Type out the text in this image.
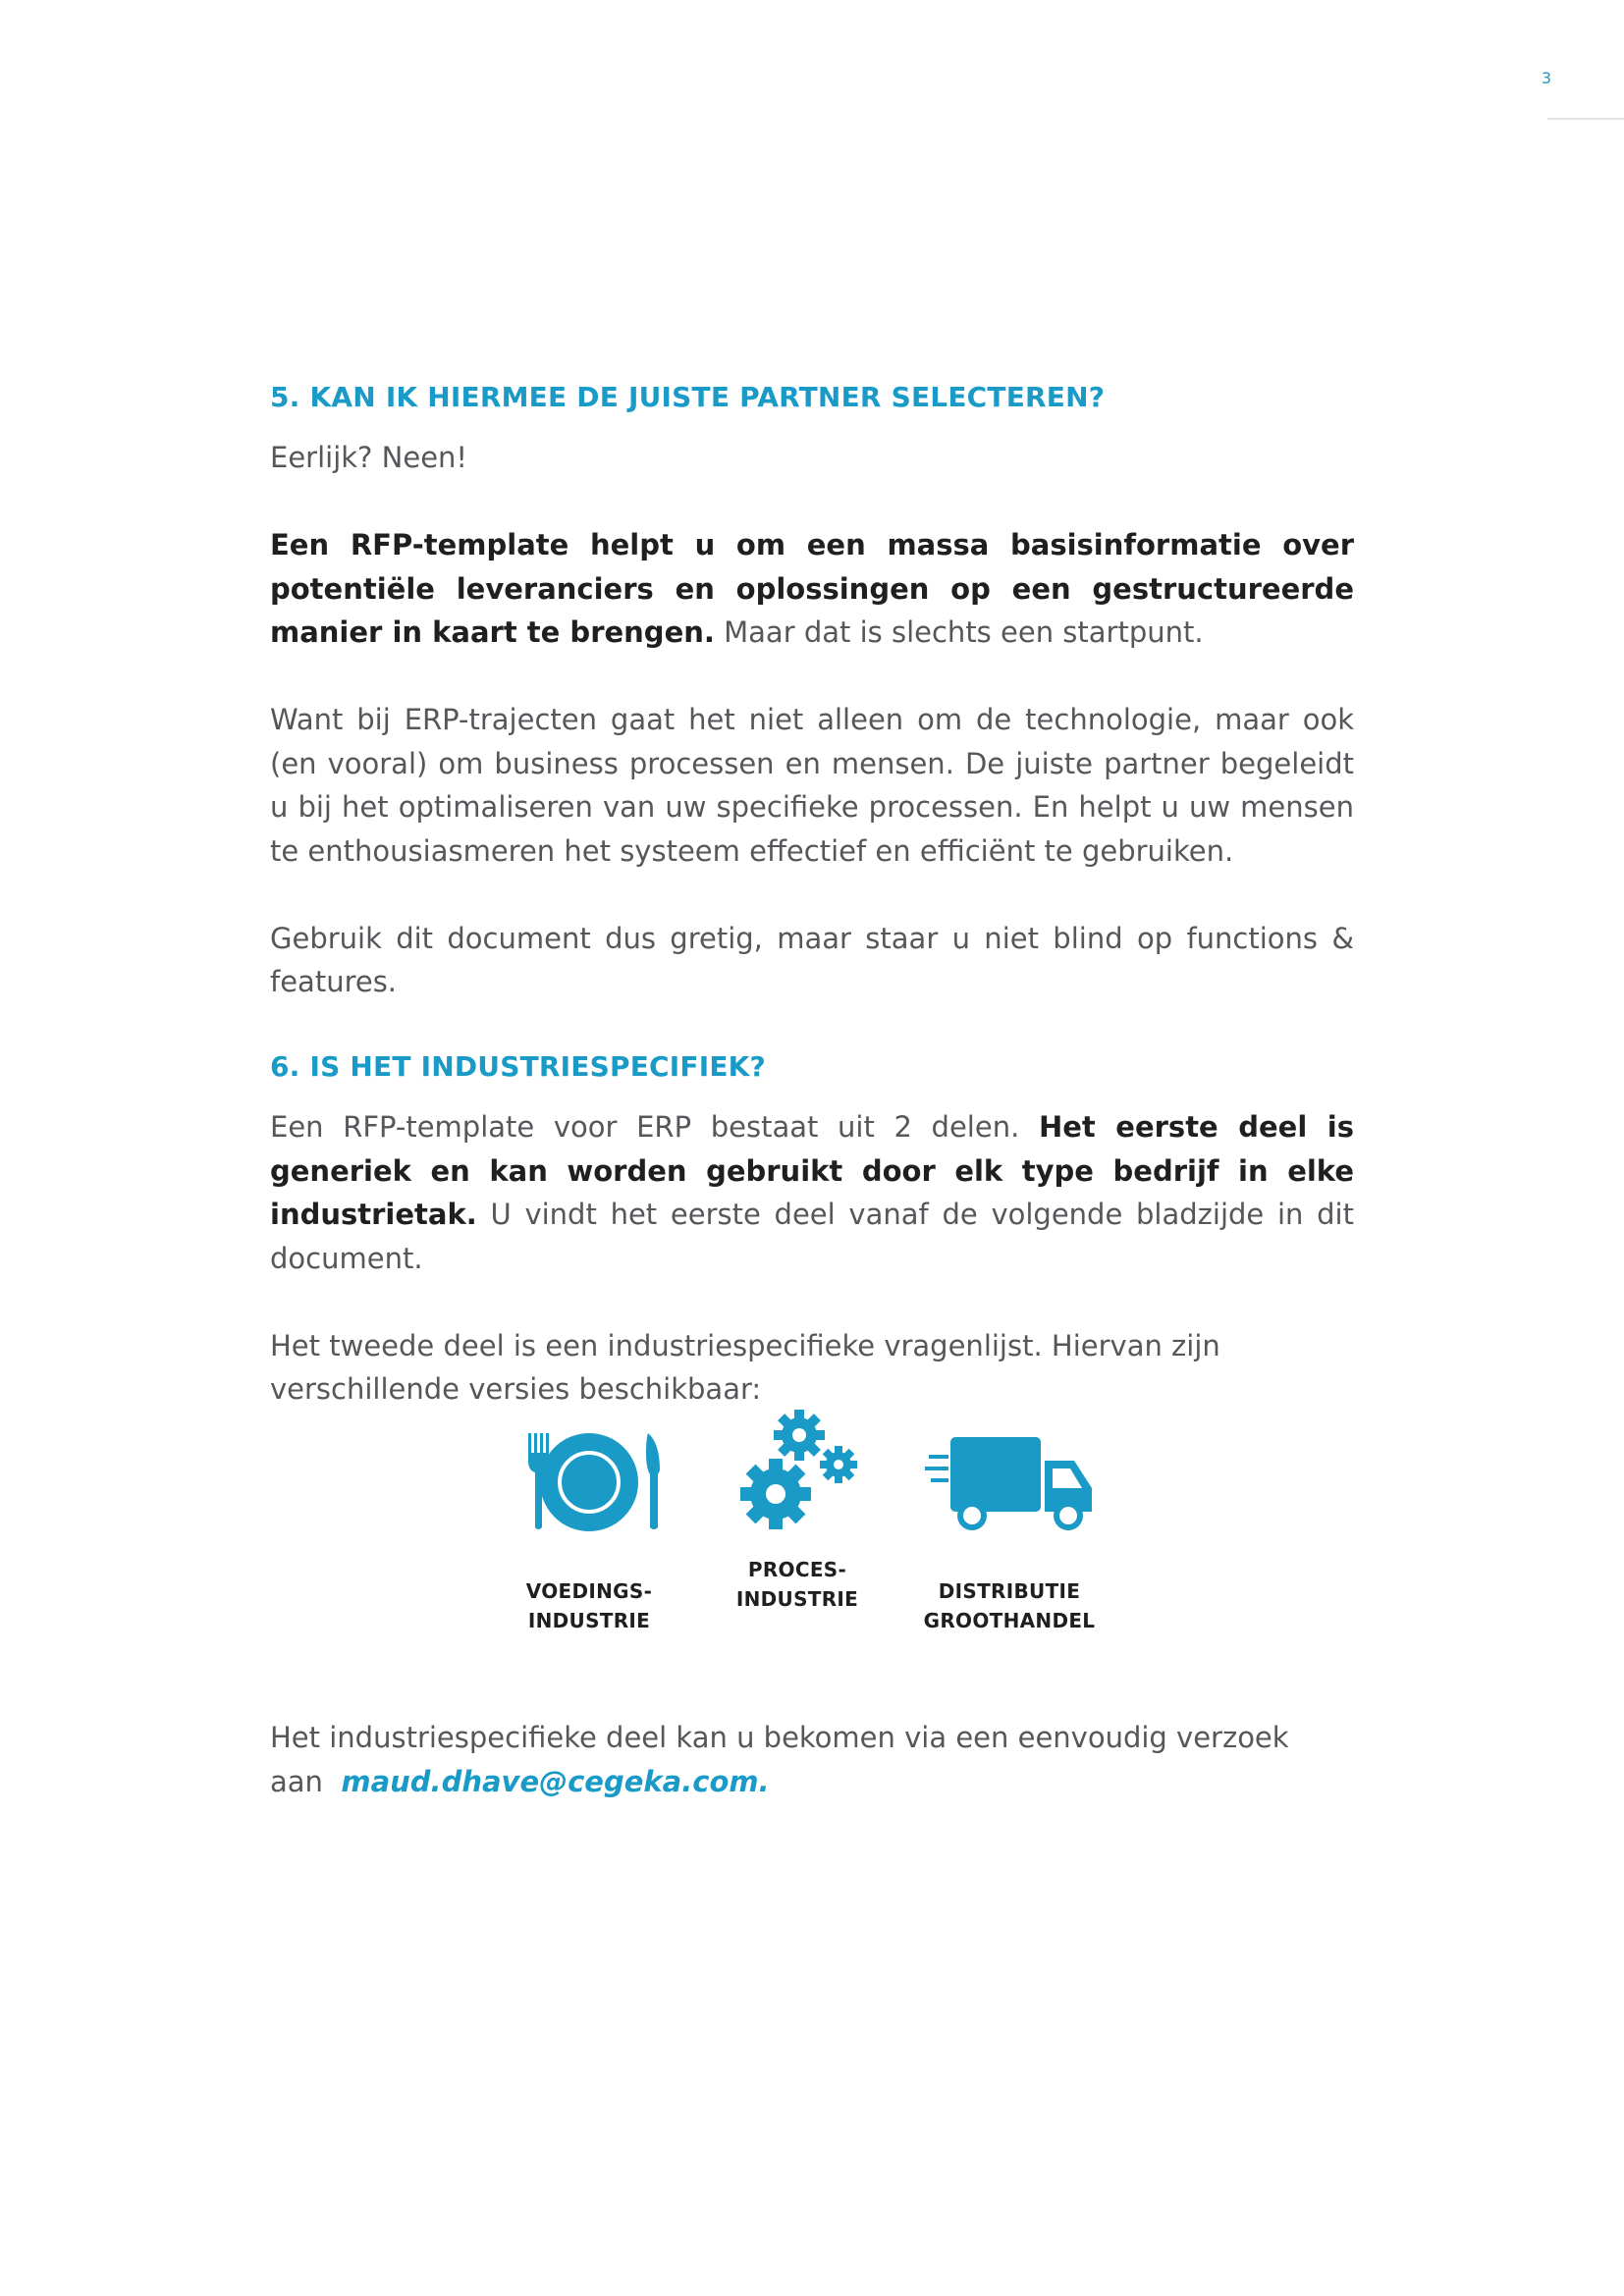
3
5. KAN IK HIERMEE DE JUISTE PARTNER SELECTEREN?

Eerlijk? Neen!

Een RFP-template helpt u om een massa basisinformatie over potentiële leveranciers en oplossingen op een gestructureerde manier in kaart te brengen. Maar dat is slechts een startpunt.

Want bij ERP-trajecten gaat het niet alleen om de technologie, maar ook (en vooral) om business processen en mensen. De juiste partner begeleidt u bij het optimaliseren van uw specifieke processen. En helpt u uw mensen te enthousiasmeren het systeem effectief en efficiënt te gebruiken.

Gebruik dit document dus gretig, maar staar u niet blind op functions & features.

6. IS HET INDUSTRIESPECIFIEK?

Een RFP-template voor ERP bestaat uit 2 delen. Het eerste deel is generiek en kan worden gebruikt door elk type bedrijf in elke industrietak. U vindt het eerste deel vanaf de volgende bladzijde in dit document.

Het tweede deel is een industriespecifieke vragenlijst. Hiervan zijn verschillende versies beschikbaar:

VOEDINGS-
INDUSTRIE
PROCES-
INDUSTRIE	DISTRIBUTIE
GROOTHANDEL

Het industriespecifieke deel kan u bekomen via een eenvoudig verzoek
aan maud.dhave@cegeka.com.
